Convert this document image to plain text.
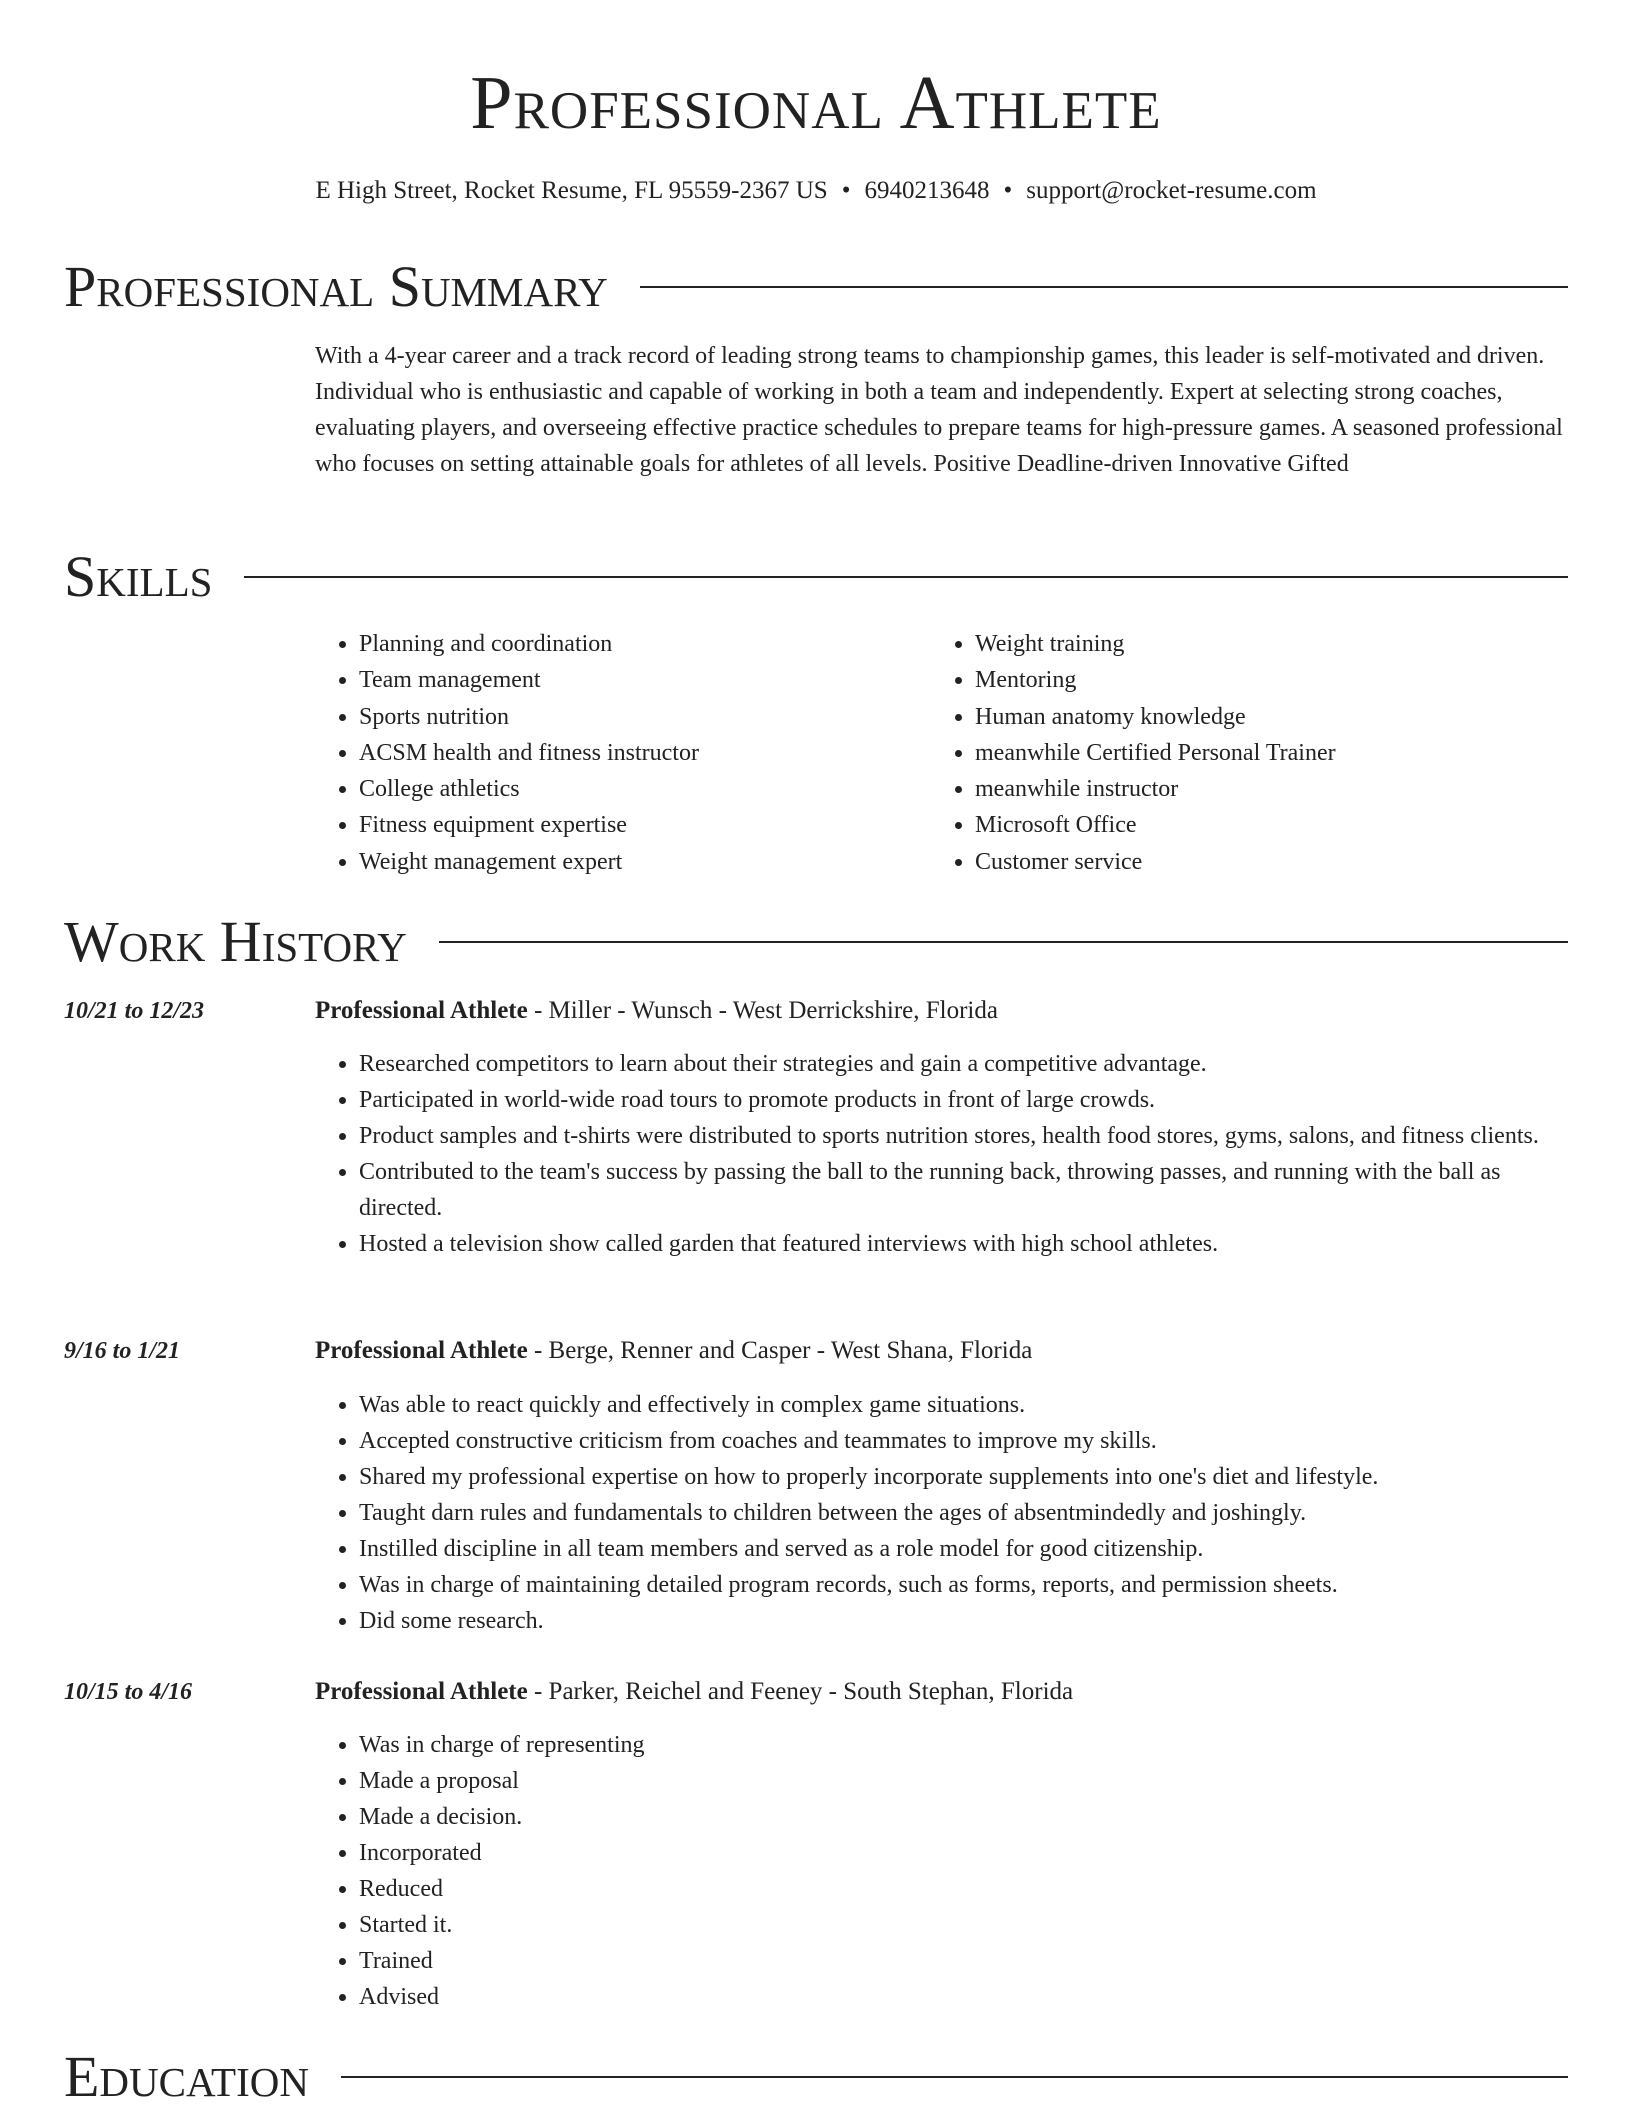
Professional Athlete
E High Street, Rocket Resume, FL 95559-2367 US • 6940213648 • support@rocket-resume.com
Professional Summary

With a 4-year career and a track record of leading strong teams to championship games, this leader is self-motivated and driven. Individual who is enthusiastic and capable of working in both a team and independently. Expert at selecting strong coaches, evaluating players, and overseeing effective practice schedules to prepare teams for high-pressure games. A seasoned professional who focuses on setting attainable goals for athletes of all levels. Positive Deadline-driven Innovative Gifted

Skills
• Planning and coordination
• Team management
• Sports nutrition
• ACSM health and fitness instructor
• College athletics
• Fitness equipment expertise
• Weight management expert
• Weight training
• Mentoring
• Human anatomy knowledge
• meanwhile Certified Personal Trainer
• meanwhile instructor
• Microsoft Office
• Customer service
Work History
10/21 to 12/23	Professional Athlete - Miller - Wunsch - West Derrickshire, Florida
• Researched competitors to learn about their strategies and gain a competitive advantage.
• Participated in world-wide road tours to promote products in front of large crowds.
• Product samples and t-shirts were distributed to sports nutrition stores, health food stores, gyms, salons, and fitness clients.
• Contributed to the team's success by passing the ball to the running back, throwing passes, and running with the ball as directed.
• Hosted a television show called garden that featured interviews with high school athletes.
9/16 to 1/21	Professional Athlete - Berge, Renner and Casper - West Shana, Florida
• Was able to react quickly and effectively in complex game situations.
• Accepted constructive criticism from coaches and teammates to improve my skills.
• Shared my professional expertise on how to properly incorporate supplements into one's diet and lifestyle.
• Taught darn rules and fundamentals to children between the ages of absentmindedly and joshingly.
• Instilled discipline in all team members and served as a role model for good citizenship.
• Was in charge of maintaining detailed program records, such as forms, reports, and permission sheets.
• Did some research.
10/15 to 4/16	Professional Athlete - Parker, Reichel and Feeney - South Stephan, Florida
• Was in charge of representing
• Made a proposal
• Made a decision.
• Incorporated
• Reduced
• Started it.
• Trained
• Advised
Education
